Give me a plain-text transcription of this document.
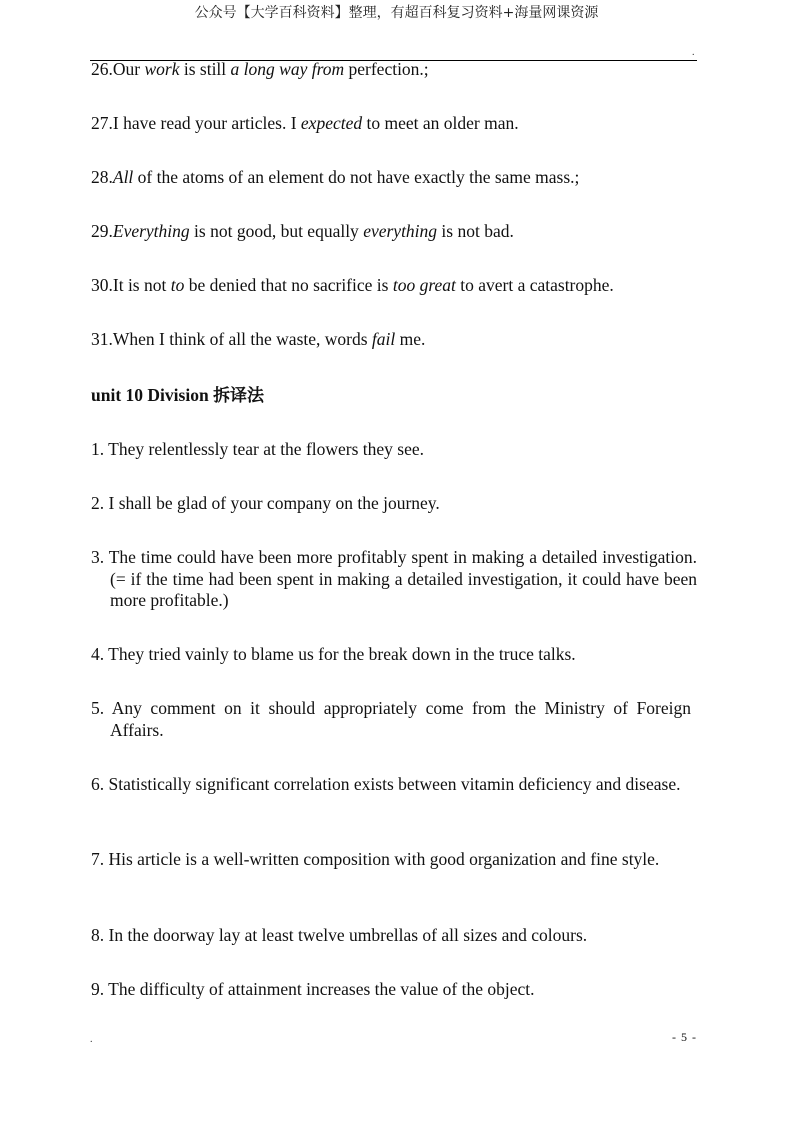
公众号【大学百科资料】整理，有超百科复习资料+海量网课资源
.
26.Our work is still a long way from perfection.;
27.I have read your articles. I expected to meet an older man.
28.All of the atoms of an element do not have exactly the same mass.;
29.Everything is not good, but equally everything is not bad.
30.It is not to be denied that no sacrifice is too great to avert a catastrophe.
31.When I think of all the waste, words fail me.
unit 10 Division 拆译法
1. They relentlessly tear at the flowers they see.
2. I shall be glad of your company on the journey.
3. The time could have been more profitably spent in making a detailed investigation. (= if the time had been spent in making a detailed investigation, it could have been more profitable.)
4. They tried vainly to blame us for the break down in the truce talks.
5. Any comment on it should appropriately come from the Ministry of Foreign Affairs.
6. Statistically significant correlation exists between vitamin deficiency and disease.
7. His article is a well-written composition with good organization and fine style.
8. In the doorway lay at least twelve umbrellas of all sizes and colours.
9. The difficulty of attainment increases the value of the object.
.	- 5 -
